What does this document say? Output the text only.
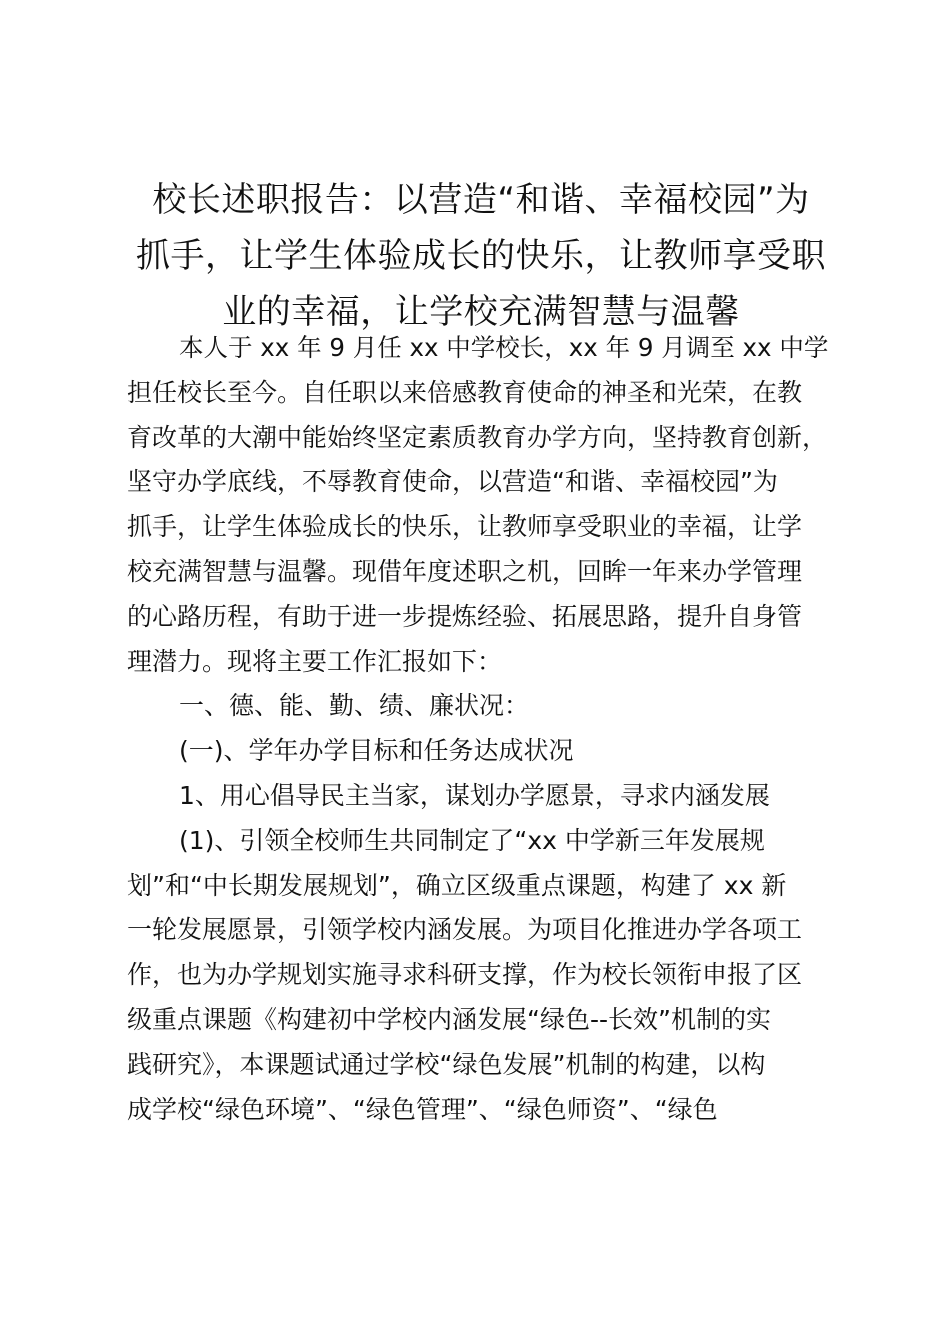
校长述职报告：以营造“和谐、幸福校园”为
抓手，让学生体验成长的快乐，让教师享受职
业的幸福，让学校充满智慧与温馨
本人于 xx 年 9 月任 xx 中学校长，xx 年 9 月调至 xx 中学
担任校长至今。自任职以来倍感教育使命的神圣和光荣，在教
育改革的大潮中能始终坚定素质教育办学方向，坚持教育创新，
坚守办学底线，不辱教育使命，以营造“和谐、幸福校园”为
抓手，让学生体验成长的快乐，让教师享受职业的幸福，让学
校充满智慧与温馨。现借年度述职之机，回眸一年来办学管理
的心路历程，有助于进一步提炼经验、拓展思路，提升自身管
理潜力。现将主要工作汇报如下：
一、德、能、勤、绩、廉状况：
(一)、学年办学目标和任务达成状况
1、用心倡导民主当家，谋划办学愿景，寻求内涵发展
(1)、引领全校师生共同制定了“xx 中学新三年发展规
划”和“中长期发展规划”，确立区级重点课题，构建了 xx 新
一轮发展愿景，引领学校内涵发展。为项目化推进办学各项工
作，也为办学规划实施寻求科研支撑，作为校长领衔申报了区
级重点课题《构建初中学校内涵发展“绿色--长效”机制的实
践研究》，本课题试通过学校“绿色发展”机制的构建，以构
成学校“绿色环境”、“绿色管理”、“绿色师资”、“绿色
